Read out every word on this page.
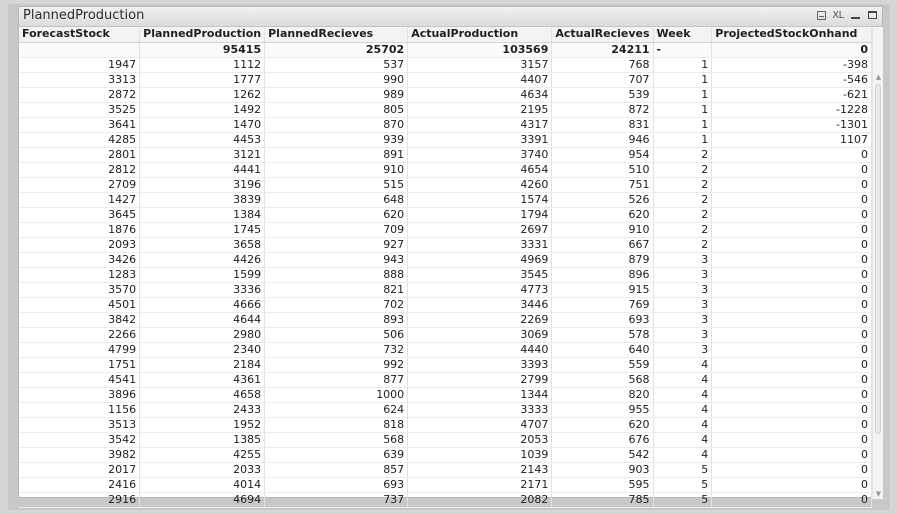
PlannedProduction	XL
ForecastStock	PlannedProduction	PlannedRecieves	ActualProduction	ActualRecieves	Week	ProjectedStockOnhand
	95415	25702	103569	24211	-	0
1947	1112	537	3157	768	1	-398
3313	1777	990	4407	707	1	-546
2872	1262	989	4634	539	1	-621
3525	1492	805	2195	872	1	-1228
3641	1470	870	4317	831	1	-1301
4285	4453	939	3391	946	1	1107
2801	3121	891	3740	954	2	0
2812	4441	910	4654	510	2	0
2709	3196	515	4260	751	2	0
1427	3839	648	1574	526	2	0
3645	1384	620	1794	620	2	0
1876	1745	709	2697	910	2	0
2093	3658	927	3331	667	2	0
3426	4426	943	4969	879	3	0
1283	1599	888	3545	896	3	0
3570	3336	821	4773	915	3	0
4501	4666	702	3446	769	3	0
3842	4644	893	2269	693	3	0
2266	2980	506	3069	578	3	0
4799	2340	732	4440	640	3	0
1751	2184	992	3393	559	4	0
4541	4361	877	2799	568	4	0
3896	4658	1000	1344	820	4	0
1156	2433	624	3333	955	4	0
3513	1952	818	4707	620	4	0
3542	1385	568	2053	676	4	0
3982	4255	639	1039	542	4	0
2017	2033	857	2143	903	5	0
2416	4014	693	2171	595	5	0
2916	4694	737	2082	785	5	0
▲
▼
